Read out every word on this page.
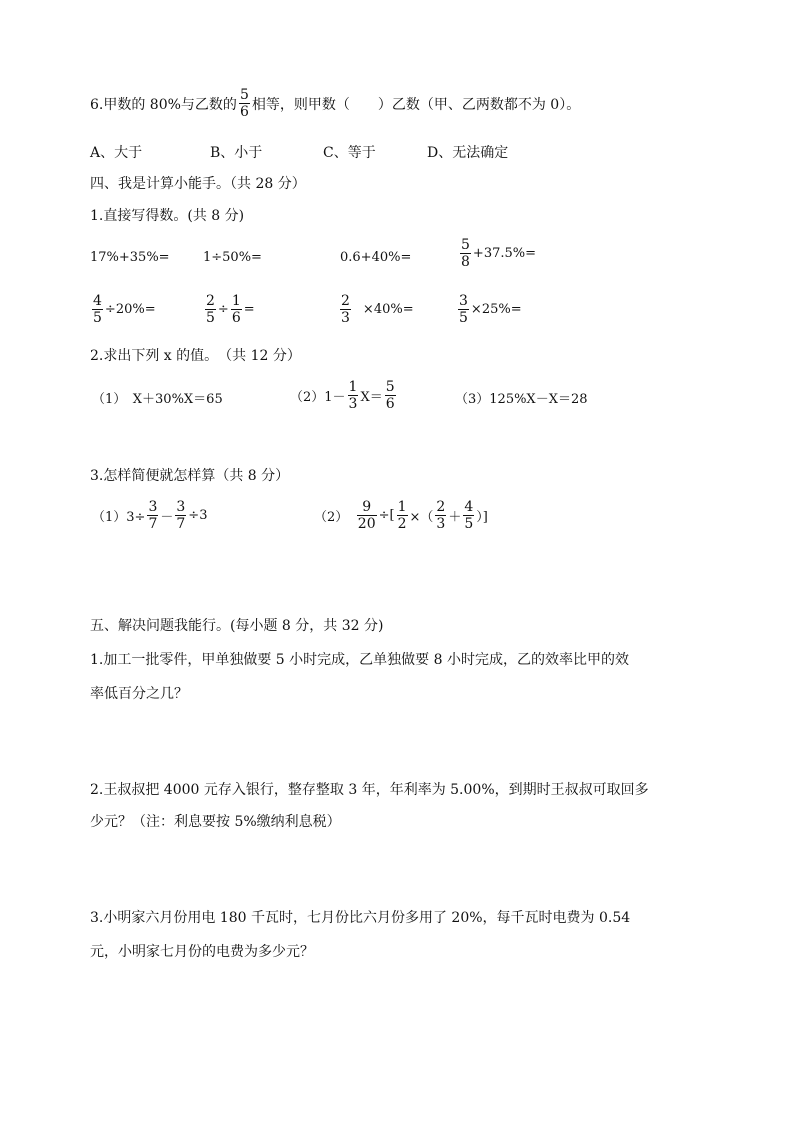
6.甲数的 80%与乙数的 $\frac{5}{6}$ 相等，则甲数（　　）乙数（甲、乙两数都不为 0）。
A、大于	B、小于	C、等于	D、无法确定
四、我是计算小能手。（共 28 分）
1.直接写得数。(共 8 分)
17%+35%=	1÷50%=	0.6+40%=	$\frac{5}{8} +37.5\%=$
$\frac{4}{5} \div 20\%=$	$\frac{2}{5} \div \frac{1}{6}$ =	$\frac{2}{3} \times 40\%=$	$\frac{3}{5} \times 25\%=$
2.求出下列 x 的值。　（共 12 分）
（1）　X＋30%X＝65	$(2)1- \frac{1}{3} X= \frac{5}{6}$	（3）125%X－X＝28
3.怎样简便就怎样算（共 8 分）
$(1)3\div \frac{3}{7} - \frac{3}{7} \div 3$	（2）　 $\frac{9}{20}$ ÷[ $\frac{1}{2}$ ×（ $\frac{2}{3} + \frac{4}{5}$ ）]
五、解决问题我能行。(每小题 8 分，共 32 分)
1.加工一批零件，甲单独做要 5 小时完成，乙单独做要 8 小时完成，乙的效率比甲的效
率低百分之几？
2.王叔叔把 4000 元存入银行，整存整取 3 年，年利率为 5.00%，到期时王叔叔可取回多
少元？（注：利息要按 5%缴纳利息税）
3.小明家六月份用电 180 千瓦时，七月份比六月份多用了 20%，每千瓦时电费为 0.54
元，小明家七月份的电费为多少元？
